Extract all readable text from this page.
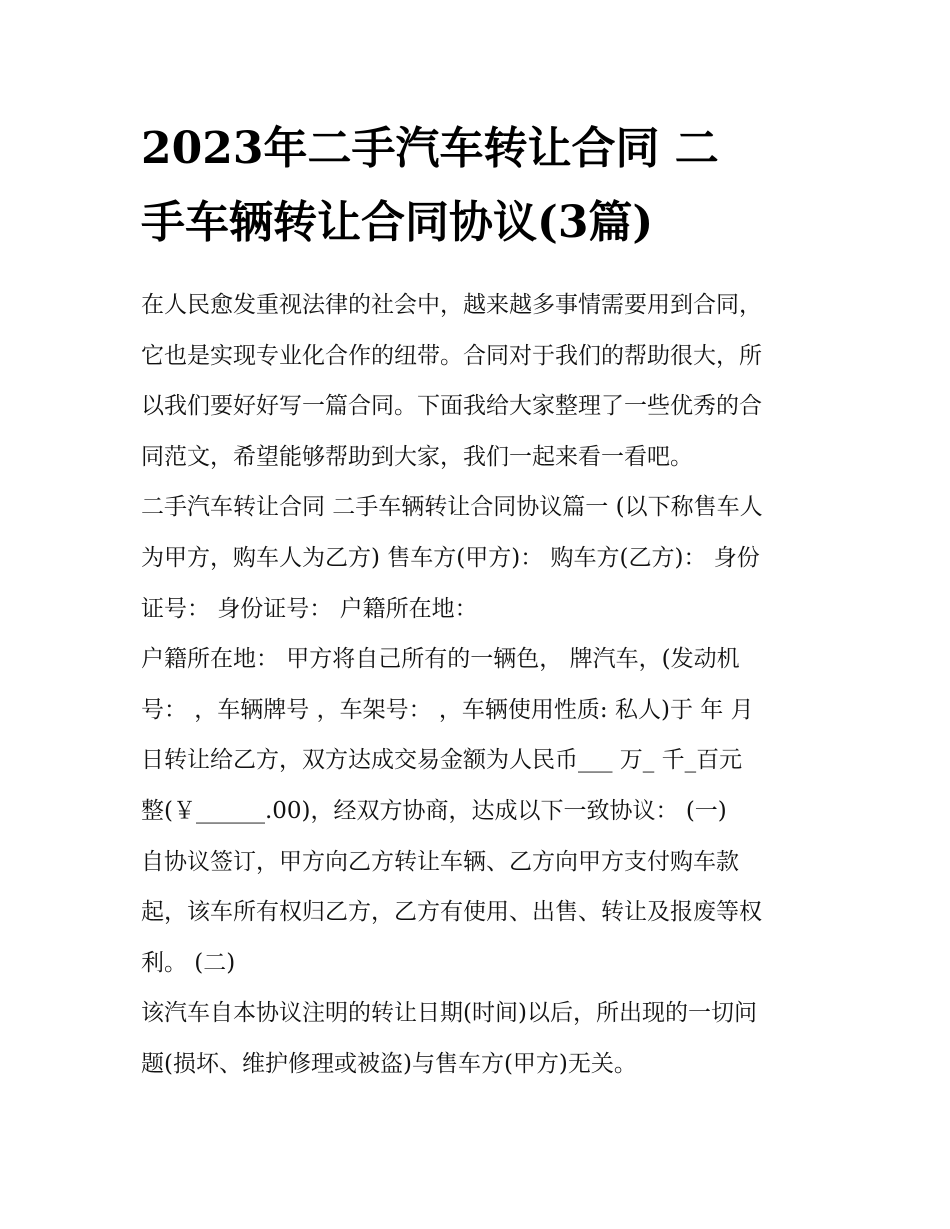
2023年二手汽车转让合同 二
手车辆转让合同协议(3篇)
在人民愈发重视法律的社会中，越来越多事情需要用到合同，
它也是实现专业化合作的纽带。合同对于我们的帮助很大，所
以我们要好好写一篇合同。下面我给大家整理了一些优秀的合
同范文，希望能够帮助到大家，我们一起来看一看吧。
二手汽车转让合同 二手车辆转让合同协议篇一 (以下称售车人
为甲方，购车人为乙方) 售车方(甲方)： 购车方(乙方)： 身份
证号： 身份证号： 户籍所在地：
户籍所在地： 甲方将自己所有的一辆色， 牌汽车，(发动机
号： ，车辆牌号 ，车架号： ，车辆使用性质: 私人)于 年 月
日转让给乙方，双方达成交易金额为人民币___ 万_ 千_百元
整(￥______.00)，经双方协商，达成以下一致协议： (一)
自协议签订，甲方向乙方转让车辆、乙方向甲方支付购车款
起，该车所有权归乙方，乙方有使用、出售、转让及报废等权
利。 (二)
该汽车自本协议注明的转让日期(时间)以后，所出现的一切问
题(损坏、维护修理或被盗)与售车方(甲方)无关。
